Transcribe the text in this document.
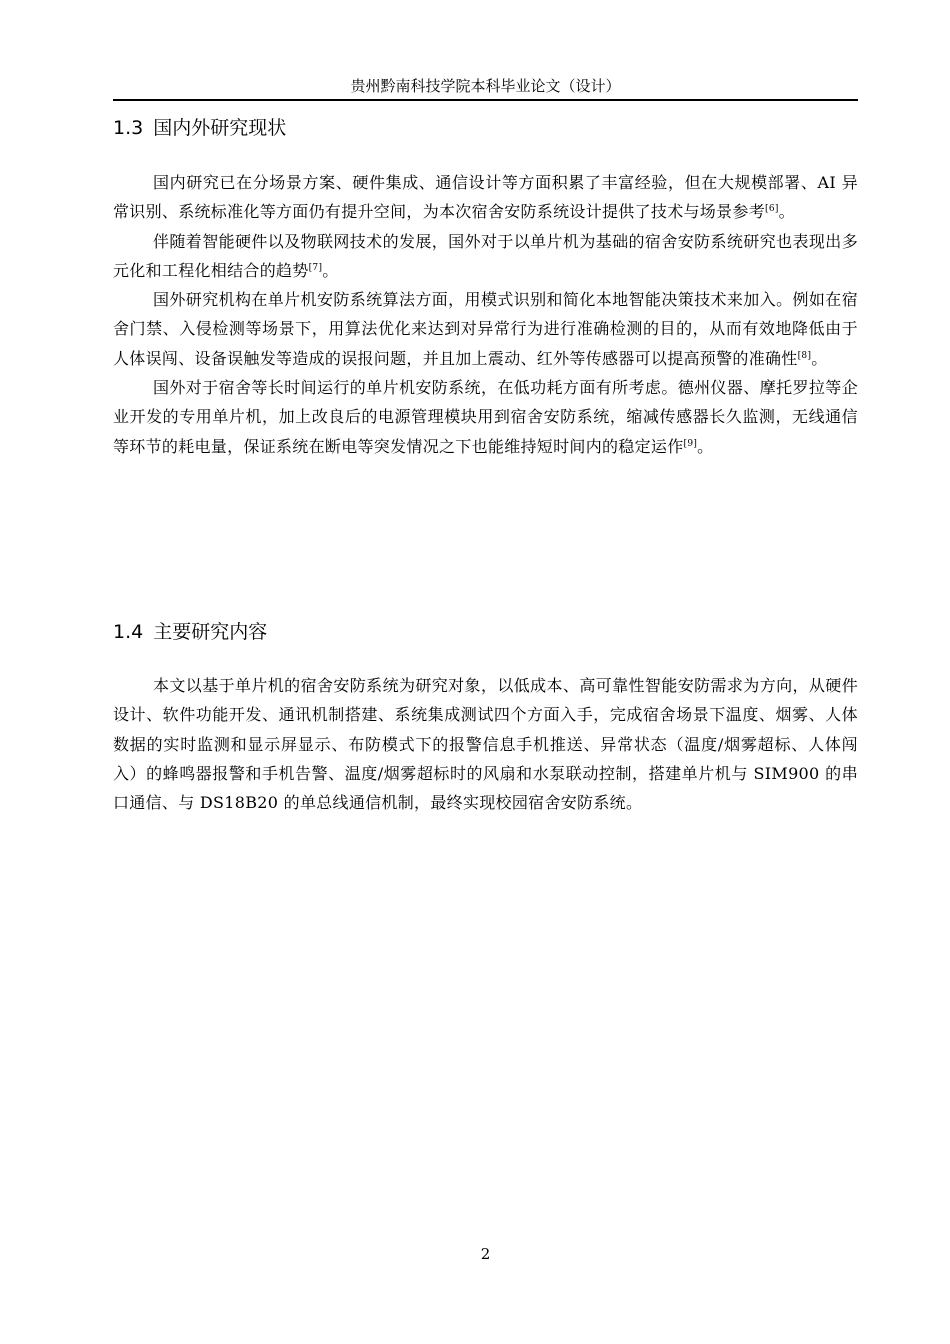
贵州黔南科技学院本科毕业论文（设计）
1.3 国内外研究现状

国内研究已在分场景方案、硬件集成、通信设计等方面积累了丰富经验，但在大规模部署、AI 异常识别、系统标准化等方面仍有提升空间，为本次宿舍安防系统设计提供了技术与场景参考[6]。

伴随着智能硬件以及物联网技术的发展，国外对于以单片机为基础的宿舍安防系统研究也表现出多元化和工程化相结合的趋势[7]。

国外研究机构在单片机安防系统算法方面，用模式识别和简化本地智能决策技术来加入。例如在宿舍门禁、入侵检测等场景下，用算法优化来达到对异常行为进行准确检测的目的，从而有效地降低由于人体误闯、设备误触发等造成的误报问题，并且加上震动、红外等传感器可以提高预警的准确性[8]。

国外对于宿舍等长时间运行的单片机安防系统，在低功耗方面有所考虑。德州仪器、摩托罗拉等企业开发的专用单片机，加上改良后的电源管理模块用到宿舍安防系统，缩减传感器长久监测，无线通信等环节的耗电量，保证系统在断电等突发情况之下也能维持短时间内的稳定运作[9]。

1.4 主要研究内容

本文以基于单片机的宿舍安防系统为研究对象，以低成本、高可靠性智能安防需求为方向，从硬件设计、软件功能开发、通讯机制搭建、系统集成测试四个方面入手，完成宿舍场景下温度、烟雾、人体数据的实时监测和显示屏显示、布防模式下的报警信息手机推送、异常状态（温度/烟雾超标、人体闯入）的蜂鸣器报警和手机告警、温度/烟雾超标时的风扇和水泵联动控制，搭建单片机与 SIM900 的串口通信、与 DS18B20 的单总线通信机制，最终实现校园宿舍安防系统。

2
